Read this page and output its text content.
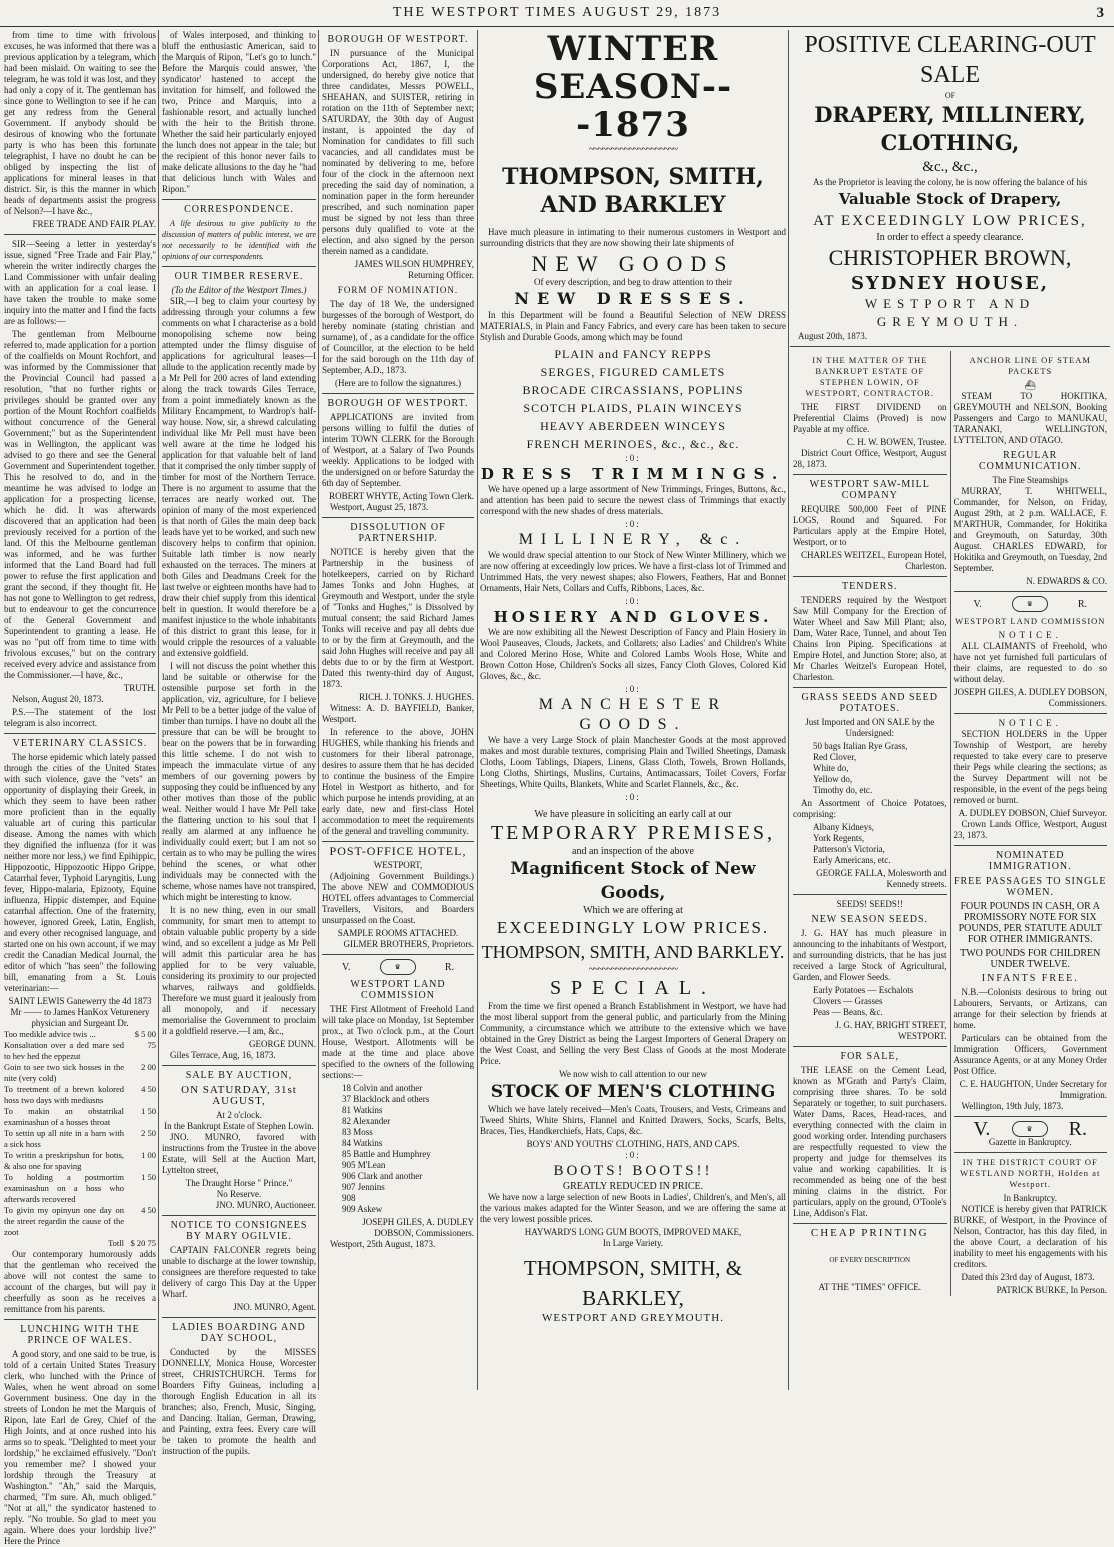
THE WESTPORT TIMES AUGUST 29, 1873	3

from time to time with frivolous excuses, he was informed that there was a previous application by a telegram, which had been mislaid. On waiting to see the telegram, he was told it was lost, and they had only a copy of it. The gentleman has since gone to Wellington to see if he can get any redress from the General Government. If anybody should be desirous of knowing who the fortunate party is who has been this fortunate telegraphist, I have no doubt he can be obliged by inspecting the list of applications for mineral leases in that district. Sir, is this the manner in which heads of departments assist the progress of Nelson?—I have &c.,

FREE TRADE AND FAIR PLAY.

SIR—Seeing a letter in yesterday's issue, signed "Free Trade and Fair Play," wherein the writer indirectly charges the Land Commissioner with unfair dealing with an application for a coal lease. I have taken the trouble to make some inquiry into the matter and I find the facts are as follows:—

The gentleman from Melbourne referred to, made application for a portion of the coalfields on Mount Rochfort, and was informed by the Commissioner that the Provincial Council had passed a resolution, "that no further rights or privileges should be granted over any portion of the Mount Rochfort coalfields without concurrence of the General Government;" but as the Superintendent was in Wellington, the applicant was advised to go there and see the General Government and Superintendent together. This he resolved to do, and in the meantime he was advised to lodge an application for a prospecting license, which he did. It was afterwards discovered that an application had been previously received for a portion of the land. Of this the Melbourne gentleman was informed, and he was further informed that the Land Board had full power to refuse the first application and grant the second, if they thought fit. He has not gone to Wellington to get redress, but to endeavour to get the concurrence of the General Government and Superintendent to granting a lease. He was no "put off from time to time with frivolous excuses," but on the contrary received every advice and assistance from the Commissioner.—I have, &c.,

TRUTH.

Nelson, August 20, 1873.

P.S.—The statement of the lost telegram is also incorrect.

VETERINARY CLASSICS.

The horse epidemic which lately passed through the cities of the United States with such violence, gave the "vets" an opportunity of displaying their Greek, in which they seem to have been rather more proficient than in the equally valuable art of curing this particular disease. Among the names with which they dignified the influenza (for it was neither more nor less,) we find Epihippic, Hippozootic, Hippozootic Hippo Grippe, Catarrhal fever, Typhoid Laryngitis, Lung fever, Hippo-malaria, Epizooty, Equine influenza, Hippic distemper, and Equine catarrhal affection. One of the fraternity, however, ignored Greek, Latin, English, and every other recognised language, and started one on his own account, if we may credit the Canadian Medical Journal, the editor of which "has seen" the following bill, emanating from a St. Louis veterinarian:—

SAINT LEWIS Ganewerry the 4d 1873
Mr —— to James HanKox Veturenery physician and Surgeant Dr.
Too medikle advice twis ...	$ 5 00
Konsaltation over a ded mare sed to hev hed the eppezut	75
Goin to see two sick hosses in the nite (very cold)	2 00
To treetment of a brewn kolored hoss two days with mediusns	4 50
To makin an obstatrikal examinashun of a hosses throat	1 50
To settin up all nite in a barn with a sick hoss	2 50
To writin a preskripshun for botts, & also one for spaving	1 00
To holding a postmortim examinashun on a hoss who afterwards recovered	1 50
To givin my opinyun one day on the street regardin the cause of the zoot	4 50
Totll	$ 20 75

Our contemporary humorously adds that the gentleman who received the above will not contest the same to account of the charges, but will pay it cheerfully as soon as he receives a remittance from his parents.

LUNCHING WITH THE PRINCE OF WALES.

A good story, and one said to be true, is told of a certain United States Treasury clerk, who lunched with the Prince of Wales, when he went abroad on some Government business. One day in the streets of London he met the Marquis of Ripon, late Earl de Grey, Chief of the High Joints, and at once rushed into his arms so to speak. "Delighted to meet your lordship," he exclaimed effusively. "Don't you remember me? I showed your lordship through the Treasury at Washington." "Ah," said the Marquis, charmed, "I'm sure. Ah, much obliged." "Not at all," the syndicator hastened to reply. "No trouble. So glad to meet you again. Where does your lordship live?" Here the Prince

of Wales interposed, and thinking to bluff the enthusiastic American, said to the Marquis of Ripon, "Let's go to lunch." Before the Marquis could answer, 'the syndicator' hastened to accept the invitation for himself, and followed the two, Prince and Marquis, into a fashionable resort, and actually lunched with the heir to the British throne. Whether the said heir particularly enjoyed the lunch does not appear in the tale; but the recipient of this honor never fails to make delicate allusions to the day he "had that delicious lunch with Wales and Ripon."

CORRESPONDENCE.

A life desirous to give publicity to the discussion of matters of public interest, we are not necessarily to be identified with the opinions of our correspondents.

OUR TIMBER RESERVE.
(To the Editor of the Westport Times.)

SIR,—I beg to claim your courtesy by addressing through your columns a few comments on what I characterise as a bold monopolising scheme now being attempted under the flimsy disguise of applications for agricultural leases—I allude to the application recently made by a Mr Pell for 200 acres of land extending along the track towards Giles Terrace, from a point immediately known as the Military Encampment, to Wardrop's half-way house. Now, sir, a shrewd calculating individual like Mr Pell must have been well aware at the time he lodged his application for that valuable belt of land that it comprised the only timber supply of timber for most of the Northern Terrace. There is no argument to assume that the terraces are nearly worked out. The opinion of many of the most experienced is that north of Giles the main deep back leads have yet to be worked, and such new discovery helps to confirm that opinion. Suitable lath timber is now nearly exhausted on the terraces. The miners at both Giles and Deadmans Creek for the last twelve or eighteen months have had to draw their chief supply from this identical belt in question. It would therefore be a manifest injustice to the whole inhabitants of this district to grant this lease, for it would cripple the resources of a valuable and extensive goldfield.

I will not discuss the point whether this land be suitable or otherwise for the ostensible purpose set forth in the application, viz, agriculture, for I believe Mr Pell to be a better judge of the value of timber than turnips. I have no doubt all the pressure that can be will be brought to bear on the powers that be in forwarding this little scheme. I do not wish to impeach the immaculate virtue of any members of our governing powers by supposing they could be influenced by any other motives than those of the public weal. Neither would I have Mr Pell take the flattering unction to his soul that I really am alarmed at any influence he individually could exert; but I am not so certain as to who may be pulling the wires behind the scenes, or what other individuals may be connected with the scheme, whose names have not transpired, which might be interesting to know.

It is no new thing, even in our small community, for smart men to attempt to obtain valuable public property by a side wind, and so excellent a judge as Mr Pell will admit this particular area he has applied for to be very valuable, considering its proximity to our projected wharves, railways and goldfields. Therefore we must guard it jealously from all monopoly, and if necessary memorialise the Government to proclaim it a goldfield reserve.—I am, &c.,

GEORGE DUNN.

Giles Terrace, Aug, 16, 1873.

SALE BY AUCTION,
ON SATURDAY, 31st AUGUST,
At 2 o'clock.
In the Bankrupt Estate of Stephen Lowin.

JNO. MUNRO, favored with instructions from the Trustee in the above Estate, will Sell at the Auction Mart, Lyttelton street,

The Draught Horse " Prince."
No Reserve.
JNO. MUNRO, Auctioneer.
NOTICE TO CONSIGNEES BY MARY OGILVIE.

CAPTAIN FALCONER regrets being unable to discharge at the lower township, consignees are therefore requested to take delivery of cargo This Day at the Upper Wharf.

JNO. MUNRO, Agent.
LADIES BOARDING AND DAY SCHOOL,

Conducted by the MISSES DONNELLY, Monica House, Worcester street, CHRISTCHURCH. Terms for Boarders Fifty Guineas, including a thorough English Education in all its branches; also, French, Music, Singing, and Dancing. Italian, German, Drawing, and Painting, extra fees. Every care will be taken to promote the health and instruction of the pupils.

BOROUGH OF WESTPORT.

IN pursuance of the Municipal Corporations Act, 1867, I, the undersigned, do hereby give notice that three candidates, Messrs POWELL, SHEAHAN, and SUISTER, retiring in rotation on the 11th of September next; SATURDAY, the 30th day of August instant, is appointed the day of Nomination for candidates to fill such vacancies, and all candidates must be nominated by delivering to me, before four of the clock in the afternoon next preceding the said day of nomination, a nomination paper in the form hereunder prescribed, and such nomination paper must be signed by not less than three persons duly qualified to vote at the election, and also signed by the person therein named as a candidate.

JAMES WILSON HUMPHREY, Returning Officer.
FORM OF NOMINATION.

The day of 18 We, the undersigned burgesses of the borough of Westport, do hereby nominate (stating christian and surname), of , as a candidate for the office of Councillor, at the election to be held for the said borough on the 11th day of September, A.D., 1873.

(Here are to follow the signatures.)
BOROUGH OF WESTPORT.

APPLICATIONS are invited from persons willing to fulfil the duties of interim TOWN CLERK for the Borough of Westport, at a Salary of Two Pounds weekly. Applications to be lodged with the undersigned on or before Saturday the 6th day of September.

ROBERT WHYTE, Acting Town Clerk.

Westport, August 25, 1873.

DISSOLUTION OF PARTNERSHIP.

NOTICE is hereby given that the Partnership in the business of hotelkeepers, carried on by Richard James Tonks and John Hughes, at Greymouth and Westport, under the style of "Tonks and Hughes," is Dissolved by mutual consent; the said Richard James Tonks will receive and pay all debts due to or by the firm at Greymouth, and the said John Hughes will receive and pay all debts due to or by the firm at Westport. Dated this twenty-third day of August, 1873.

RICH. J. TONKS. J. HUGHES.

Witness: A. D. BAYFIELD, Banker, Westport.

In reference to the above, JOHN HUGHES, while thanking his friends and customers for their liberal patronage, desires to assure them that he has decided to continue the business of the Empire Hotel in Westport as hitherto, and for which purpose he intends providing, at an early date, new and first-class Hotel accommodation to meet the requirements of the general and travelling community.

POST-OFFICE HOTEL,
WESTPORT,

(Adjoining Government Buildings.) The above NEW and COMMODIOUS HOTEL offers advantages to Commercial Travellers, Visitors, and Boarders unsurpassed on the Coast.

SAMPLE ROOMS ATTACHED.
GILMER BROTHERS, Proprietors.
V.	♛	R.
WESTPORT LAND COMMISSION

THE First Allotment of Freehold Land will take place on Monday, 1st September prox., at Two o'clock p.m., at the Court House, Westport. Allotments will be made at the time and place above specified to the owners of the following sections:—

18 Colvin and another
37 Blacklock and others
81 Watkins
82 Alexander
83 Moss
84 Watkins
85 Battle and Humphrey
905 M'Lean
906 Clark and another
907 Jennins
908
909 Askew
JOSEPH GILES, A. DUDLEY DOBSON, Commissioners.

Westport, 25th August, 1873.

WINTER SEASON---1873
~~~~~~~~~~~~~~~~~~~~
THOMPSON, SMITH, AND BARKLEY

Have much pleasure in intimating to their numerous customers in Westport and surrounding districts that they are now showing their late shipments of

NEW GOODS
Of every description, and beg to draw attention to their
NEW DRESSES.

In this Department will be found a Beautiful Selection of NEW DRESS MATERIALS, in Plain and Fancy Fabrics, and every care has been taken to secure Stylish and Durable Goods, among which may be found

PLAIN and FANCY REPPS
SERGES, FIGURED CAMLETS
BROCADE CIRCASSIANS, POPLINS
SCOTCH PLAIDS, PLAIN WINCEYS
HEAVY ABERDEEN WINCEYS
FRENCH MERINOES, &c., &c., &c.
:0:
DRESS TRIMMINGS.

We have opened up a large assortment of New Trimmings, Fringes, Buttons, &c., and attention has been paid to secure the newest class of Trimmings that exactly correspond with the new shades of dress materials.

:0:
MILLINERY, &c.

We would draw special attention to our Stock of New Winter Millinery, which we are now offering at exceedingly low prices. We have a first-class lot of Trimmed and Untrimmed Hats, the very newest shapes; also Flowers, Feathers, Hat and Bonnet Ornaments, Hair Nets, Collars and Cuffs, Ribbons, Laces, &c.

:0:
HOSIERY AND GLOVES.

We are now exhibiting all the Newest Description of Fancy and Plain Hosiery in Wool Pauseaves, Clouds, Jackets, and Collarets; also Ladies' and Children's White and Colored Merino Hose, White and Colored Lambs Wools Hose, White and Brown Cotton Hose, Children's Socks all sizes, Fancy Cloth Gloves, Colored Kid Gloves, &c., &c.

:0:
MANCHESTER GOODS.

We have a very Large Stock of plain Manchester Goods at the most approved makes and most durable textures, comprising Plain and Twilled Sheetings, Damask Cloths, Loom Tablings, Diapers, Linens, Glass Cloth, Towels, Brown Hollands, Long Cloths, Shirtings, Muslins, Curtains, Antimacassars, Toilet Covers, Forfar Sheetings, White Quilts, Blankets, White and Scarlet Flannels, &c., &c.

:0:
We have pleasure in soliciting an early call at our
TEMPORARY PREMISES,
and an inspection of the above
Magnificent Stock of New Goods,
Which we are offering at
EXCEEDINGLY LOW PRICES.
THOMPSON, SMITH, AND BARKLEY.
~~~~~~~~~~~~~~~~~~~~
SPECIAL.

From the time we first opened a Branch Establishment in Westport, we have had the most liberal support from the general public, and particularly from the Mining Community, a circumstance which we attribute to the extensive which we have obtained in the Grey District as being the Largest Importers of General Drapery on the West Coast, and Selling the very Best Class of Goods at the most Moderate Price.

We now wish to call attention to our new
STOCK OF MEN'S CLOTHING

Which we have lately received—Men's Coats, Trousers, and Vests, Crimeans and Tweed Shirts, White Shirts, Flannel and Knitted Drawers, Socks, Scarfs, Belts, Braces, Ties, Handkerchiefs, Hats, Caps, &c.

BOYS' AND YOUTHS' CLOTHING, HATS, AND CAPS.
:0:
BOOTS! BOOTS!!
GREATLY REDUCED IN PRICE.

We have now a large selection of new Boots in Ladies', Children's, and Men's, all the various makes adapted for the Winter Season, and we are offering the same at the very lowest possible prices.

HAYWARD'S LONG GUM BOOTS, IMPROVED MAKE,
In Large Variety.
THOMPSON, SMITH, & BARKLEY,
WESTPORT AND GREYMOUTH.
POSITIVE CLEARING-OUT SALE
OF
DRAPERY, MILLINERY, CLOTHING,
&c., &c.,
As the Proprietor is leaving the colony, he is now offering the balance of his
Valuable Stock of Drapery,
AT EXCEEDINGLY LOW PRICES,
In order to effect a speedy clearance.
CHRISTOPHER BROWN,
SYDNEY HOUSE,
WESTPORT AND GREYMOUTH.

August 20th, 1873.

IN THE MATTER OF THE BANKRUPT ESTATE OF STEPHEN LOWIN, OF WESTPORT, CONTRACTOR.

THE FIRST DIVIDEND on Preferential Claims (Proved) is now Payable at my office.

C. H. W. BOWEN, Trustee.

District Court Office, Westport, August 28, 1873.

WESTPORT SAW-MILL COMPANY

REQUIRE 500,000 Feet of PINE LOGS, Round and Squared. For Particulars apply at the Empire Hotel, Westport, or to

CHARLES WEITZEL, European Hotel, Charleston.
TENDERS.

TENDERS required by the Westport Saw Mill Company for the Erection of Water Wheel and Saw Mill Plant; also, Dam, Water Race, Tunnel, and about Ten Chains Iron Piping. Specifications at Empire Hotel, and Junction Store; also, at Mr Charles Weitzel's European Hotel, Charleston.

GRASS SEEDS AND SEED POTATOES.
Just Imported and ON SALE by the Undersigned:
50 bags Italian Rye Grass,
Red Clover,
White do,
Yellow do,
Timothy do, etc.

An Assortment of Choice Potatoes, comprising:

Albany Kidneys,
York Regents,
Patterson's Victoria,
Early Americans, etc.
GEORGE FALLA, Molesworth and Kennedy streets.
SEEDS! SEEDS!!
NEW SEASON SEEDS.

J. G. HAY has much pleasure in announcing to the inhabitants of Westport, and surrounding districts, that he has just received a large Stock of Agricultural, Garden, and Flower Seeds.

Early Potatoes — Eschalots
Clovers — Grasses
Peas — Beans, &c.
J. G. HAY, BRIGHT STREET, WESTPORT.
FOR SALE,

THE LEASE on the Cement Lead, known as M'Grath and Party's Claim, comprising three shares. To be sold Separately or together, to suit purchasers. Water Dams, Races, Head-races, and everything connected with the claim in good working order. Intending purchasers are respectfully requested to view the property and judge for themselves its value and working capabilities. It is recommended as being one of the best mining claims in the district. For particulars, apply on the ground, O'Toole's Line, Addison's Flat.

CHEAP PRINTING
OF EVERY DESCRIPTION
AT THE "TIMES" OFFICE.
ANCHOR LINE OF STEAM PACKETS
⛴

STEAM TO HOKITIKA, GREYMOUTH and NELSON, Booking Passengers and Cargo to MANUKAU, TARANAKI, WELLINGTON, LYTTELTON, AND OTAGO.

REGULAR COMMUNICATION.
The Fine Steamships

MURRAY, T. WHITWELL, Commander, for Nelson, on Friday, August 29th, at 2 p.m. WALLACE, F. M'ARTHUR, Commander, for Hokitika and Greymouth, on Saturday, 30th August. CHARLES EDWARD, for Hokitika and Greymouth, on Tuesday, 2nd September.

N. EDWARDS & CO.
V.	♛	R.
WESTPORT LAND COMMISSION
NOTICE.

ALL CLAIMANTS of Freehold, who have not yet furnished full particulars of their claims, are requested to do so without delay.

JOSEPH GILES, A. DUDLEY DOBSON, Commissioners.
NOTICE.

SECTION HOLDERS in the Upper Township of Westport, are hereby requested to take every care to preserve their Pegs while clearing the sections; as the Survey Department will not be responsible, in the event of the pegs being removed or burnt.

A. DUDLEY DOBSON, Chief Surveyor.

Crown Lands Office, Westport, August 23, 1873.

NOMINATED IMMIGRATION.
FREE PASSAGES TO SINGLE WOMEN.
FOUR POUNDS IN CASH, OR A PROMISSORY NOTE FOR SIX POUNDS, PER STATUTE ADULT FOR OTHER IMMIGRANTS.
TWO POUNDS FOR CHILDREN UNDER TWELVE.
INFANTS FREE.

N.B.—Colonists desirous to bring out Labourers, Servants, or Artizans, can arrange for their selection by friends at home.

Particulars can be obtained from the Immigration Officers, Government Assurance Agents, or at any Money Order Post Office.

C. E. HAUGHTON, Under Secretary for Immigration.

Wellington, 19th July, 1873.

V.	♛	R.
Gazette in Bankruptcy.
IN THE DISTRICT COURT OF WESTLAND NORTH, Holden at Westport.
In Bankruptcy.

NOTICE is hereby given that PATRICK BURKE, of Westport, in the Province of Nelson, Contractor, has this day filed, in the above Court, a declaration of his inability to meet his engagements with his creditors.

Dated this 23rd day of August, 1873.

PATRICK BURKE, In Person.
